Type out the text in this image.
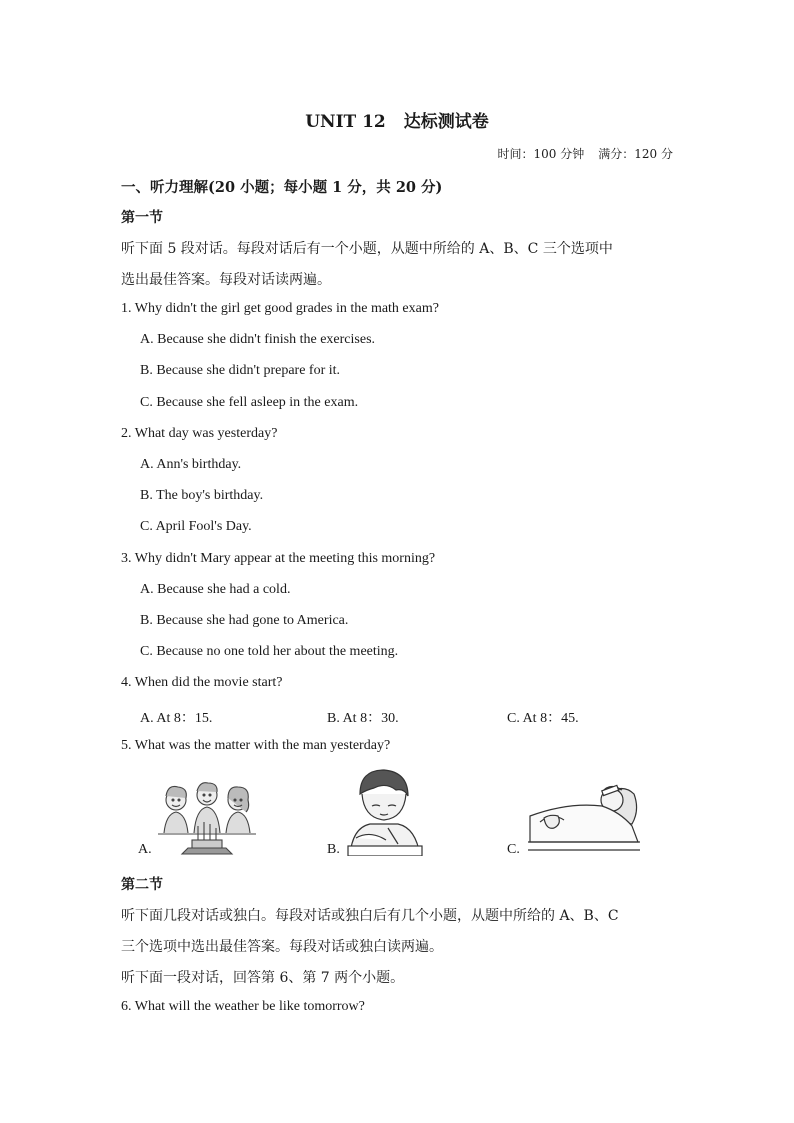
UNIT 12 达标测试卷
时间：100 分钟 满分：120 分
一、听力理解(20 小题；每小题 1 分，共 20 分)
第一节
听下面 5 段对话。每段对话后有一个小题，从题中所给的 A、B、C 三个选项中
选出最佳答案。每段对话读两遍。
1. Why didn't the girl get good grades in the math exam?
A. Because she didn't finish the exercises.
B. Because she didn't prepare for it.
C. Because she fell asleep in the exam.
2. What day was yesterday?
A. Ann's birthday.
B. The boy's birthday.
C. April Fool's Day.
3. Why didn't Mary appear at the meeting this morning?
A. Because she had a cold.
B. Because she had gone to America.
C. Because no one told her about the meeting.
4. When did the movie start?
A. At 8：15.	B. At 8：30.	C. At 8：45.
5. What was the matter with the man yesterday?
A.	B.	C.
第二节
听下面几段对话或独白。每段对话或独白后有几个小题，从题中所给的 A、B、C
三个选项中选出最佳答案。每段对话或独白读两遍。
听下面一段对话，回答第 6、第 7 两个小题。
6. What will the weather be like tomorrow?
